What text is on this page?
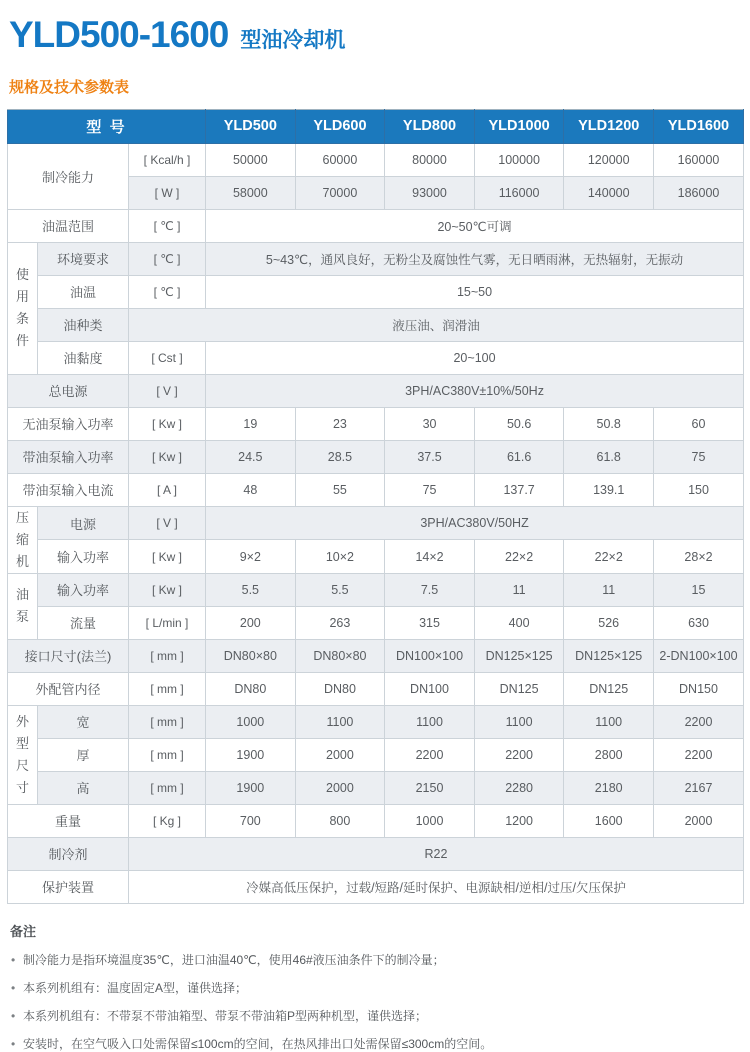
YLD500-1600 型油冷却机
规格及技术参数表
型 号			YLD500	YLD600	YLD800	YLD1000	YLD1200	YLD1600
制冷能力		[ Kcal/h ]	50000	60000	80000	100000	120000	160000
		[ W ]	58000	70000	93000	116000	140000	186000
油温范围		[ ℃ ]	20~50℃可调					
使用条件	环境要求	[ ℃ ]	5~43℃，通风良好，无粉尘及腐蚀性气雾，无日晒雨淋，无热辐射，无振动					
	油温	[ ℃ ]	15~50					
	油种类	液压油、润滑油						
	油黏度	[ Cst ]	20~100					
总电源		[ V ]	3PH/AC380V±10%/50Hz					
无油泵输入功率		[ Kw ]	19	23	30	50.6	50.8	60
带油泵输入功率		[ Kw ]	24.5	28.5	37.5	61.6	61.8	75
带油泵输入电流		[ A ]	48	55	75	137.7	139.1	150
压缩机	电源	[ V ]	3PH/AC380V/50HZ					
	输入功率	[ Kw ]	9×2	10×2	14×2	22×2	22×2	28×2
油泵	输入功率	[ Kw ]	5.5	5.5	7.5	11	11	15
	流量	[ L/min ]	200	263	315	400	526	630
接口尺寸(法兰)		[ mm ]	DN80×80	DN80×80	DN100×100	DN125×125	DN125×125	2-DN100×100
外配管内径		[ mm ]	DN80	DN80	DN100	DN125	DN125	DN150
外型尺寸	宽	[ mm ]	1000	1100	1100	1100	1100	2200
	厚	[ mm ]	1900	2000	2200	2200	2800	2200
	高	[ mm ]	1900	2000	2150	2280	2180	2167
重量		[ Kg ]	700	800	1000	1200	1600	2000
制冷剂		R22						
保护装置		冷媒高低压保护，过载/短路/延时保护、电源缺相/逆相/过压/欠压保护						
备注
• 制冷能力是指环境温度35℃，进口油温40℃，使用46#液压油条件下的制冷量；
• 本系列机组有：温度固定A型，谨供选择；
• 本系列机组有：不带泵不带油箱型、带泵不带油箱P型两种机型，谨供选择；
• 安装时，在空气吸入口处需保留≤100cm的空间，在热风排出口处需保留≤300cm的空间。
